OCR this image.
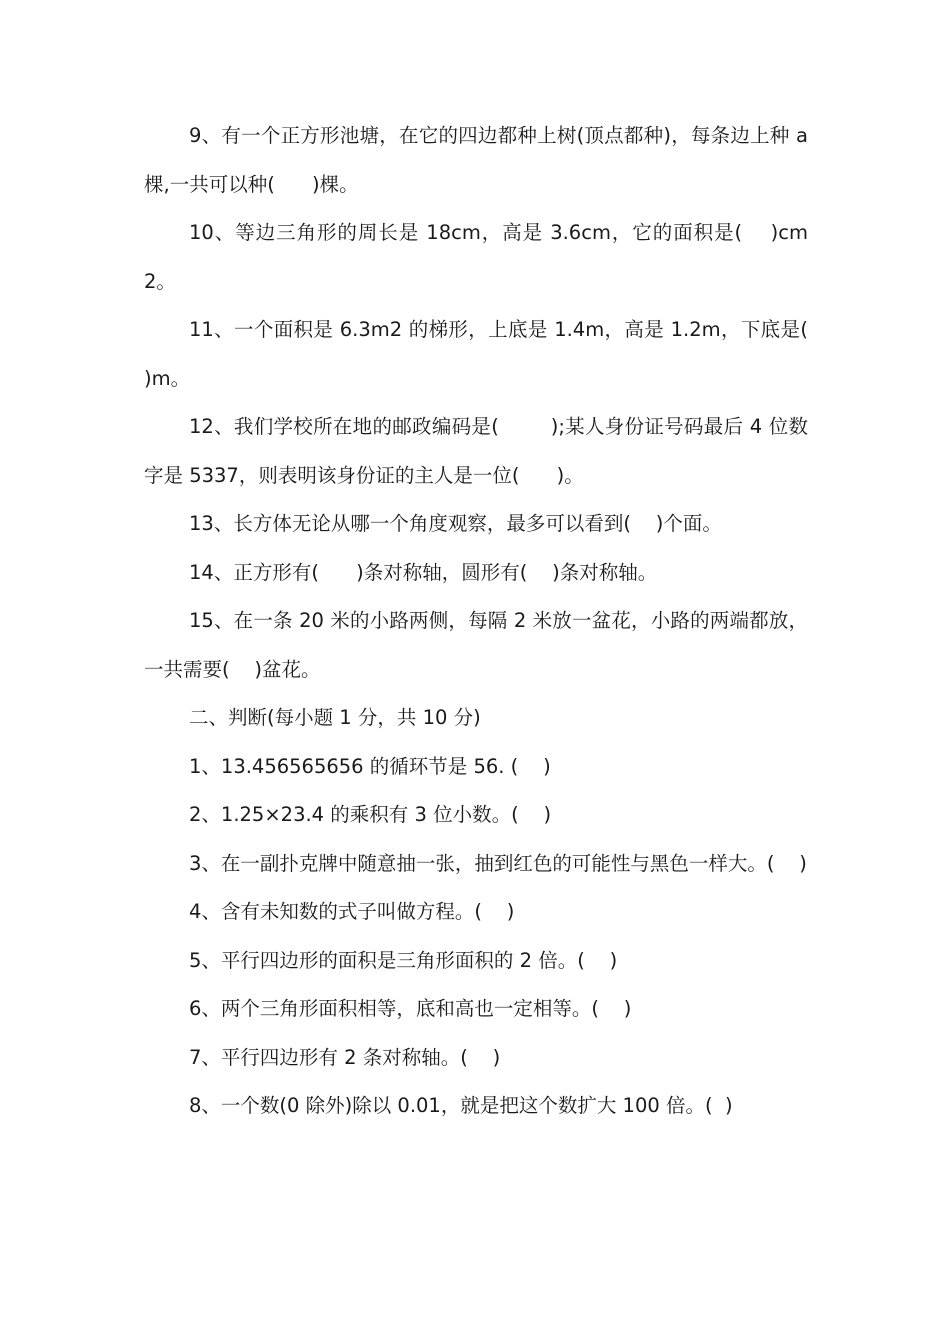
9、有一个正方形池塘，在它的四边都种上树(顶点都种)，每条边上种 a 棵,一共可以种(      )棵。

10、等边三角形的周长是 18cm，高是 3.6cm，它的面积是(    )cm2。

11、一个面积是 6.3m2 的梯形，上底是 1.4m，高是 1.2m，下底是(    )m。

12、我们学校所在地的邮政编码是(        );某人身份证号码最后 4 位数字是 5337，则表明该身份证的主人是一位(      )。

13、长方体无论从哪一个角度观察，最多可以看到(    )个面。

14、正方形有(      )条对称轴，圆形有(    )条对称轴。

15、在一条 20 米的小路两侧，每隔 2 米放一盆花，小路的两端都放，一共需要(    )盆花。

二、判断(每小题 1 分，共 10 分)

1、13.456565656 的循环节是 56. (    )

2、1.25×23.4 的乘积有 3 位小数。(    )

3、在一副扑克牌中随意抽一张，抽到红色的可能性与黑色一样大。(    )

4、含有未知数的式子叫做方程。(    )

5、平行四边形的面积是三角形面积的 2 倍。(    )

6、两个三角形面积相等，底和高也一定相等。(    )

7、平行四边形有 2 条对称轴。(    )

8、一个数(0 除外)除以 0.01，就是把这个数扩大 100 倍。(  )
